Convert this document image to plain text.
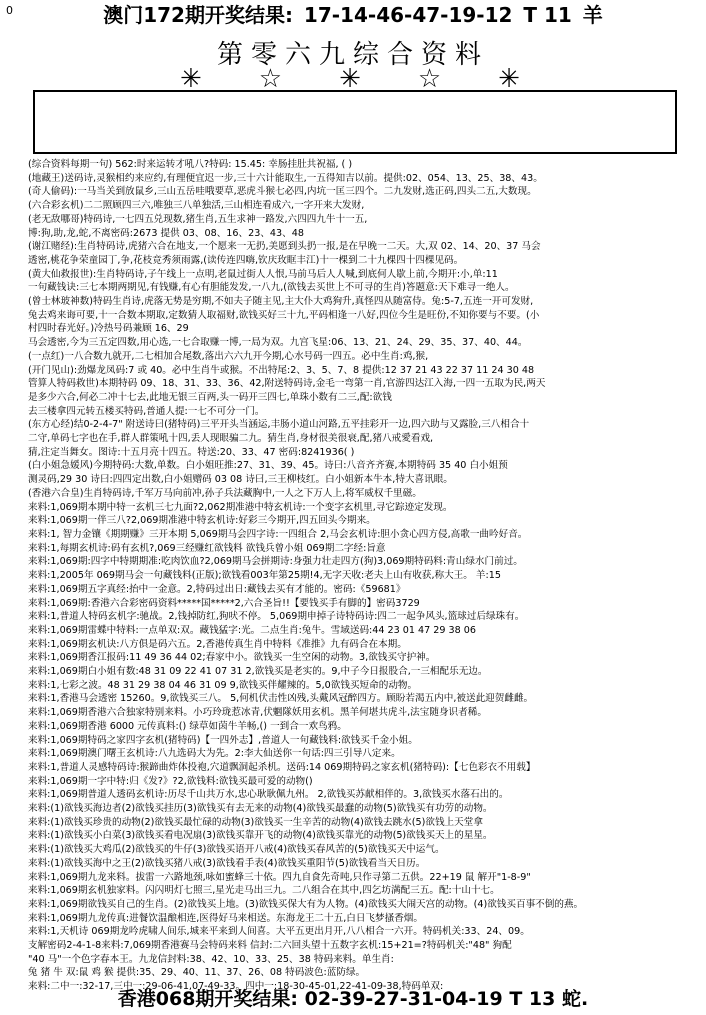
0	澳门172期开奖结果: 17-14-46-47-19-12 T 11 羊
第零六九综合资料
✳ ☆ ✳ ☆ ✳
(综合资料每期一句) 562:时来运转才吼八?特码: 15.45: 幸肠挂肚共祝福, ( )
(地藏王)送码诗,灵猴相约来应约,有理便宜迟一步,三十六计能取生,一五得知吉以前。提供:02、054、13、25、38、43。
(奇人偷码):一马当关到放鼠乡,三山五岳哇哦要草,恶虎斗猴七必四,内坑一匡三四个。二九发财,选正码,四头二五,大数现。
(六合彩玄机)二二照顾四三六,唯独三八单独活,三山相连看成六,一字开来大发财,
(老无敌哪哥)特码诗,一七四五兑现数,猪生肖,五生求神一路发,六四四九牛十一五,
博:狗,助,龙,蛇,不离密码:2673 提供 03、08、16、23、43、48
(谢江赌经):生肖特码诗,虎猪六合在地支,一个愿来一无扔,美愿到头扔一报,是在早晚一二天。大,双 02、14、20、37 马会
透密,桃花争荣童园丁,争,花枝竞秀须雨露,(读传连四嗨,钦庆玫眶丰江)十一棵到二十九棵四十四棵见码。
(黄大仙救报世):生肖特码诗,子午线上一点明,老鼠过街人人恨,马前马后人人喊,到底何人歇上前,今期开:小,单:11
一句藏钱诀:三七本期两期见,有钱赚,有心有胆能发发,一八九,(欲钱去买世上不可寻的生肖)答题意:天下难寻一绝人。
(曾士林玻神数)特码生肖诗,虎落无势是穷期,不如夫子随主见,主大仆大鸡狗升,真怪四从随富侍。兔:5-7,五连一开可发财,
兔去鸡来诲可要,十一合数本期取,定数猜人取福财,欲钱买好三十九,平码相逢一八好,四位今生是旺份,不知你要与不要。(小
村四时春光好。)冷热号码兼顾 16、29
马会透密,今为三五定四数,用心选,一七合取赚一博,一局为双。九宫飞星:06、13、21、24、29、35、37、40、44。
(一点红)一八合数九就开,二七相加合尾数,落出六六九开今期,心水号码一四五。必中生肖:鸡,猴,
(开门见山):劲爆龙凤码:7 或 40。必中生肖牛或猴。不出特尾:2、3、5、7、8 提供:12 37 21 43 22 37 11 24 30 48
管算人特码救世)本期特码 09、18、31、33、36、42,附送特码诗,金毛一弯第一肖,官游四达江入海,一四一五取为民,两天
是多少六合,何必二冲十七去,此地无银三百两,头一码开三四七,单珠小数有二三,配:欲钱
去三楼拿四元转五楼买特码,普通人提:一七不可分一门。
(东方心经)结0-2-4-7" 附送诗曰(猪特码)三平开头当涵运,丰肠小道山河路,五平挂彩开一边,四六助与又露脸,三八相合十
二守,单码七字也在手,群人群策吼十四,丢人现眼骗二九。猜生肖,身材很美很衰,配,猪八戒愛看戏,
猜,注定当舞女。图诗:十五月亮十四五。特送:20、33、47 密码:8241936( )
(白小姐急媛风)今期特码:大数,单数。白小姐旺推:27、31、39、45。诗曰:八音齐齐赛,本期特码 35 40 白小姐预
测灵码,29 30 诗曰:四四定出数,白小姐赠码 03 08 诗曰,三王柳枝红。白小姐新本牛本,特大喜讯眼。
(香港六合皇)生肖特码诗,千军万马向前冲,孙子兵法藏胸中,一人之下万人上,将军威权千里磁。
来料:1,069期本期中特一玄机三七九面?2,062期准港中特玄机诗:一个变字玄机里,寻它踪迹定发现。
来料:1,069期一伴三八?2,069期准港中特玄机诗:好彩三今期开,四五回头今期来。
来料:1, 智力金镶《期期赚》三开本期 5,069期马会四字诗:一四组合 2,马会玄机诗:胆小贪心四方侵,高歌一曲吟好音。
来料:1,每期玄机诗:码有玄机?,069三经赚红欲钱料 欲钱兵曾小姐 069期二字经:旨意
来料:1,069期:四字中特期期准:吃肉饮血?2,069期马会拼期诗:身强力壮走四方(狗)3,069期特码料:青山绿水门前过。
来料:1,2005年 069期马会一句藏钱料(正版);欲钱看003年第25期!4,无字天收:老夫上山有收获,称大王。 羊:15
来料:1,069期五字真经:抬中一金意。2,特码过出日:藏钱去买有才能的。密码:《59681》
来料:1,069期:香港六合彩密码资料*****国*****2,六合圣旨!!【要钱买手有脚的】密码3729
来料:1,普道人特码玄机字:驰战。2,钱掉防红,狗吠不停。 5,069期申掉子诗特码诗:四二一起争风头,篮球过后绿珠有。
来料:1,069期雷蝶中特料:一点单双:双。藏钱猛字:光。二点生肖:兔牛。雪域送码:44 23 01 47 29 38 06
来料:1,069期玄机诀:八方俱是码六五。2,香港传真生肖中特料《准推》九有码合在本期。
来料:1,069期香江报码:11 49 36 44 02;春家中小。欲钱买一生空闲的动物。3,欲钱买守护神。
来料:1,069期白小姐有数:48 31 09 22 41 07 31 2,欲钱买是老实的。9,中子今日报股合,一三相配乐无边。
来料:1,七彩之波。48 31 29 38 04 46 31 09 9,欲钱买伴耀辣的。5,0欲钱买短命的动物。
来料:1,香港马会透密 15260。9,欲钱买三八。 5,何机伏击性凶残,头戴风冠醉四方。顾盼若渴五内中,被送此迎贺雌雌。
来料:1,069期香港六合独家特别来料。小巧玲珑惹冰青,伏魍隊妖用玄机。黑羊何堪共虎斗,法宝随身识者稀。
来料:1,069期香港 6000 元传真料:() 绿草如茵牛羊畅,() 一到合一欢鸟鸦。
来料:1,069期特码之家四字玄机(猪特码)【一四外志】,普道人一句藏钱料:欲钱买千金小姐。
来料:1,069期澳门曙王玄机诗:八九选码大为先。2:李大仙送你一句话:四三引导八定来。
来料:1,普道人灵感特码诗:猴蹄曲炸体投袍,穴道飘洞起杀机。送码:14 069期特码之家玄机(猪特码):【七色彩衣不用载】
来料:1,069期一字中特:归《发?》?2,欲钱料:欲钱买最可爱的动物()
来料:1,069期普道人透码玄机诗:历尽千山共万水,忠心耿耿佩九州。 2,欲钱买苏献相伴的。3,欲钱买水落石出的。
来料:(1)欲钱买海边者(2)欲钱买挂历(3)欲钱买有去无来的动物(4)欲钱买最蠢的动物(5)欲钱买有功劳的动物。
来料:(1)欲钱买珍贵的动物(2)欲钱买最忙碌的动物(3)欲钱买一生辛苦的动物(4)欲钱去跳水(5)欲钱上天堂拿
来料:(1)欲钱买小白菜(3)欲钱买看电况扇(3)欲钱买靠开飞的动物(4)欲钱买靠光的动物(5)欲钱买天上的星星。
来料:(1)欲钱买大鸡瓜(2)欲钱买的牛仔(3)欲钱买语开八戒(4)欲钱买春风苦的(5)欲钱买天中运气。
来料:(1)欲钱买海中之王(2)欲钱买猪八戒(3)欲钱看手表(4)欲钱买重阳节(5)欲钱看当天日历。
来料:1,069期九龙来料。拔雷一六路地颈,咏如蜜蜂三十依。四九自食先奇吨,只作寻第二五供。22+19 鼠 解开"1-8-9"
来料:1,069期玄机独家料。闪闪明灯七照三,星光走马出三九。二八组合在其中,四乞坊满配三五。配:十山十七。
来料:1,069期欲钱买自己的生肖。(2)欲钱买上地。(3)欲钱买保大有为人物。(4)欲钱买大闹天宫的动物。(4)欲钱买百事不倒的燕。
来料:1,069期九龙传真:进餐饮温酿相连,医得好马来相送。东海龙王二十五,白日飞梦搔香烟。
来料:1,天机诗 069期龙吟虎啸人间乐,城来平来到人间喜。大平五更出月开,八八相合一六开。特码机关:33、24、09。
支解密码2-4-1-8来料:7,069期香港赛马会特码来料 信封:二六回头望十五数字玄机:15+21=?特码机关:"48" 狗配
"40 马"一个色字春本王。九龙信封料:38、42、10、33、25、38 特码来料。单生肖:
兔 猪 牛 双:鼠 鸡 猴 提供:35、29、40、11、37、26、08 特码波色:蓝防绿。
来料:二中一:32-17,三中一:29-06-41,07-49-33。四中一:18-30-45-01,22-41-09-38,特码单双:
香港068期开奖结果: 02-39-27-31-04-19 T 13 蛇.
